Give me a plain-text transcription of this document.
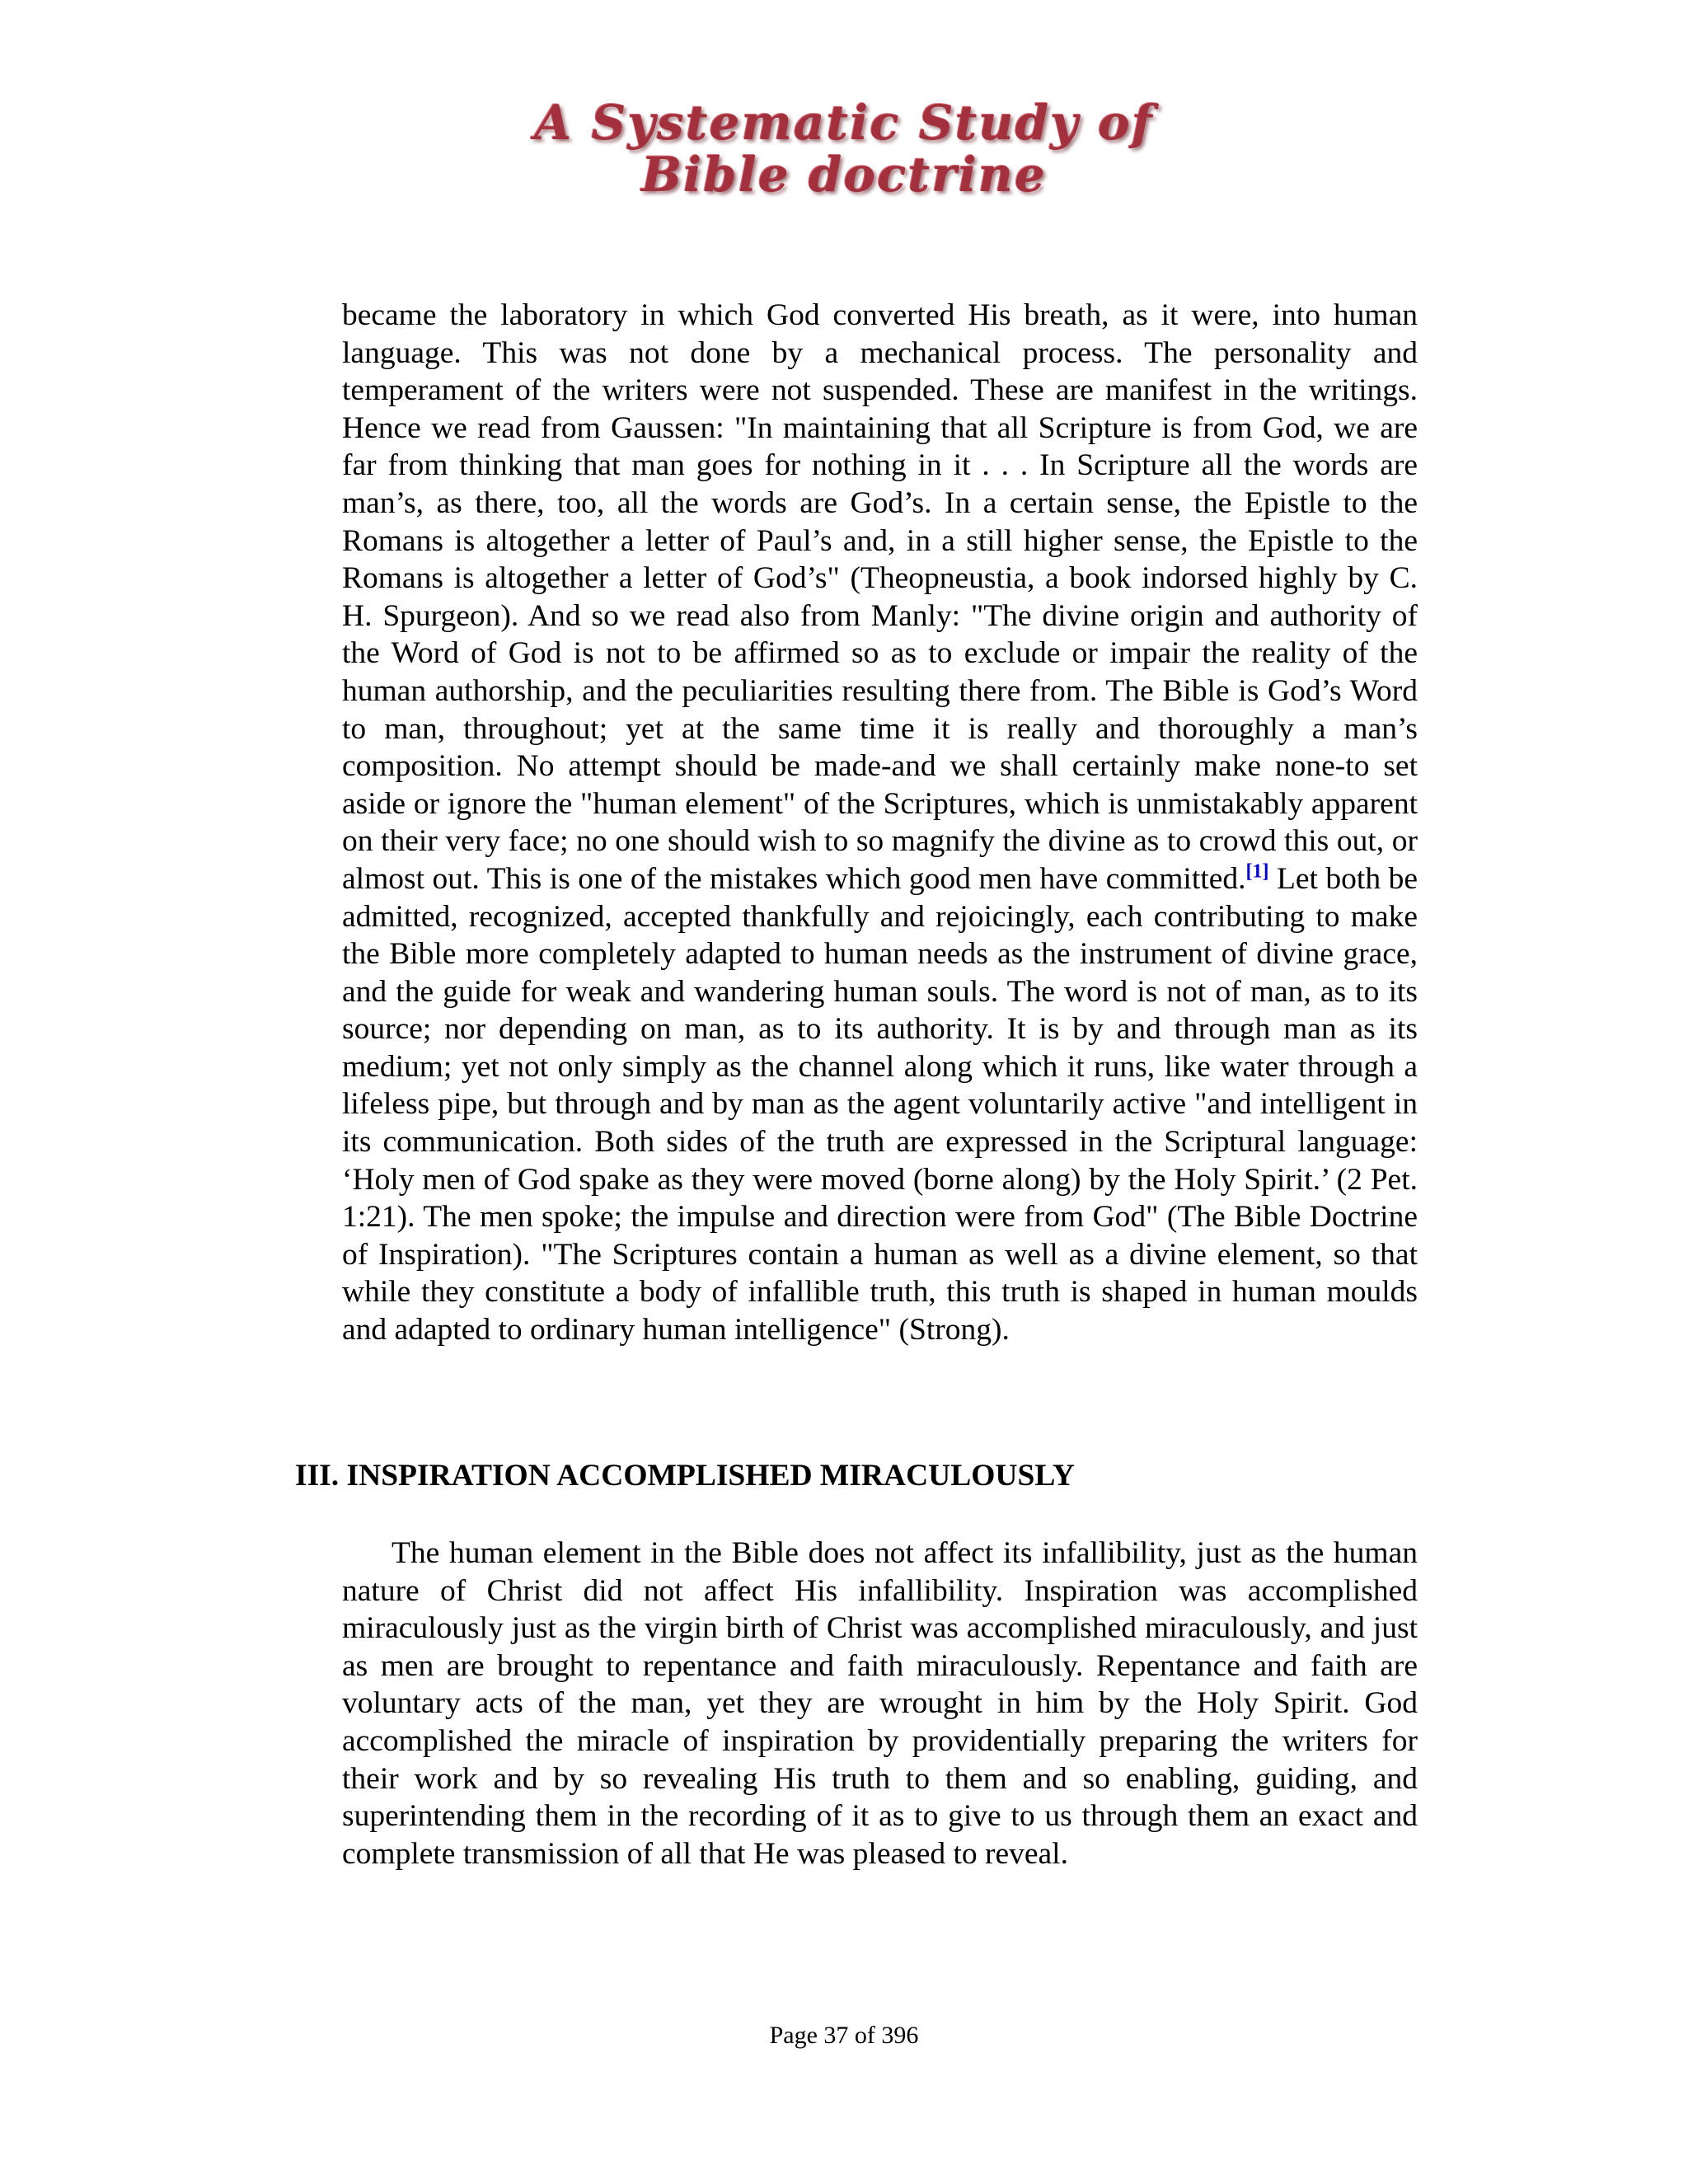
A Systematic Study of
Bible doctrine

became the laboratory in which God converted His breath, as it were, into human language. This was not done by a mechanical process. The personality and temperament of the writers were not suspended. These are manifest in the writings. Hence we read from Gaussen: "In maintaining that all Scripture is from God, we are far from thinking that man goes for nothing in it . . . In Scripture all the words are man’s, as there, too, all the words are God’s. In a certain sense, the Epistle to the Romans is altogether a letter of Paul’s and, in a still higher sense, the Epistle to the Romans is altogether a letter of God’s" (Theopneustia, a book indorsed highly by C. H. Spurgeon). And so we read also from Manly: "The divine origin and authority of the Word of God is not to be affirmed so as to exclude or impair the reality of the human authorship, and the peculiarities resulting there from. The Bible is God’s Word to man, throughout; yet at the same time it is really and thoroughly a man’s composition. No attempt should be made-and we shall certainly make none-to set aside or ignore the "human element" of the Scriptures, which is unmistakably apparent on their very face; no one should wish to so magnify the divine as to crowd this out, or almost out. This is one of the mistakes which good men have committed.[1] Let both be admitted, recognized, accepted thankfully and rejoicingly, each contributing to make the Bible more completely adapted to human needs as the instrument of divine grace, and the guide for weak and wandering human souls. The word is not of man, as to its source; nor depending on man, as to its authority. It is by and through man as its medium; yet not only simply as the channel along which it runs, like water through a lifeless pipe, but through and by man as the agent voluntarily active "and intelligent in its communication. Both sides of the truth are expressed in the Scriptural language: ‘Holy men of God spake as they were moved (borne along) by the Holy Spirit.’ (2 Pet. 1:21). The men spoke; the impulse and direction were from God" (The Bible Doctrine of Inspiration). "The Scriptures contain a human as well as a divine element, so that while they constitute a body of infallible truth, this truth is shaped in human moulds and adapted to ordinary human intelligence" (Strong).

III. INSPIRATION ACCOMPLISHED MIRACULOUSLY

The human element in the Bible does not affect its infallibility, just as the human nature of Christ did not affect His infallibility. Inspiration was accomplished miraculously just as the virgin birth of Christ was accomplished miraculously, and just as men are brought to repentance and faith miraculously. Repentance and faith are voluntary acts of the man, yet they are wrought in him by the Holy Spirit. God accomplished the miracle of inspiration by providentially preparing the writers for their work and by so revealing His truth to them and so enabling, guiding, and superintending them in the recording of it as to give to us through them an exact and complete transmission of all that He was pleased to reveal.

Page 37 of 396
